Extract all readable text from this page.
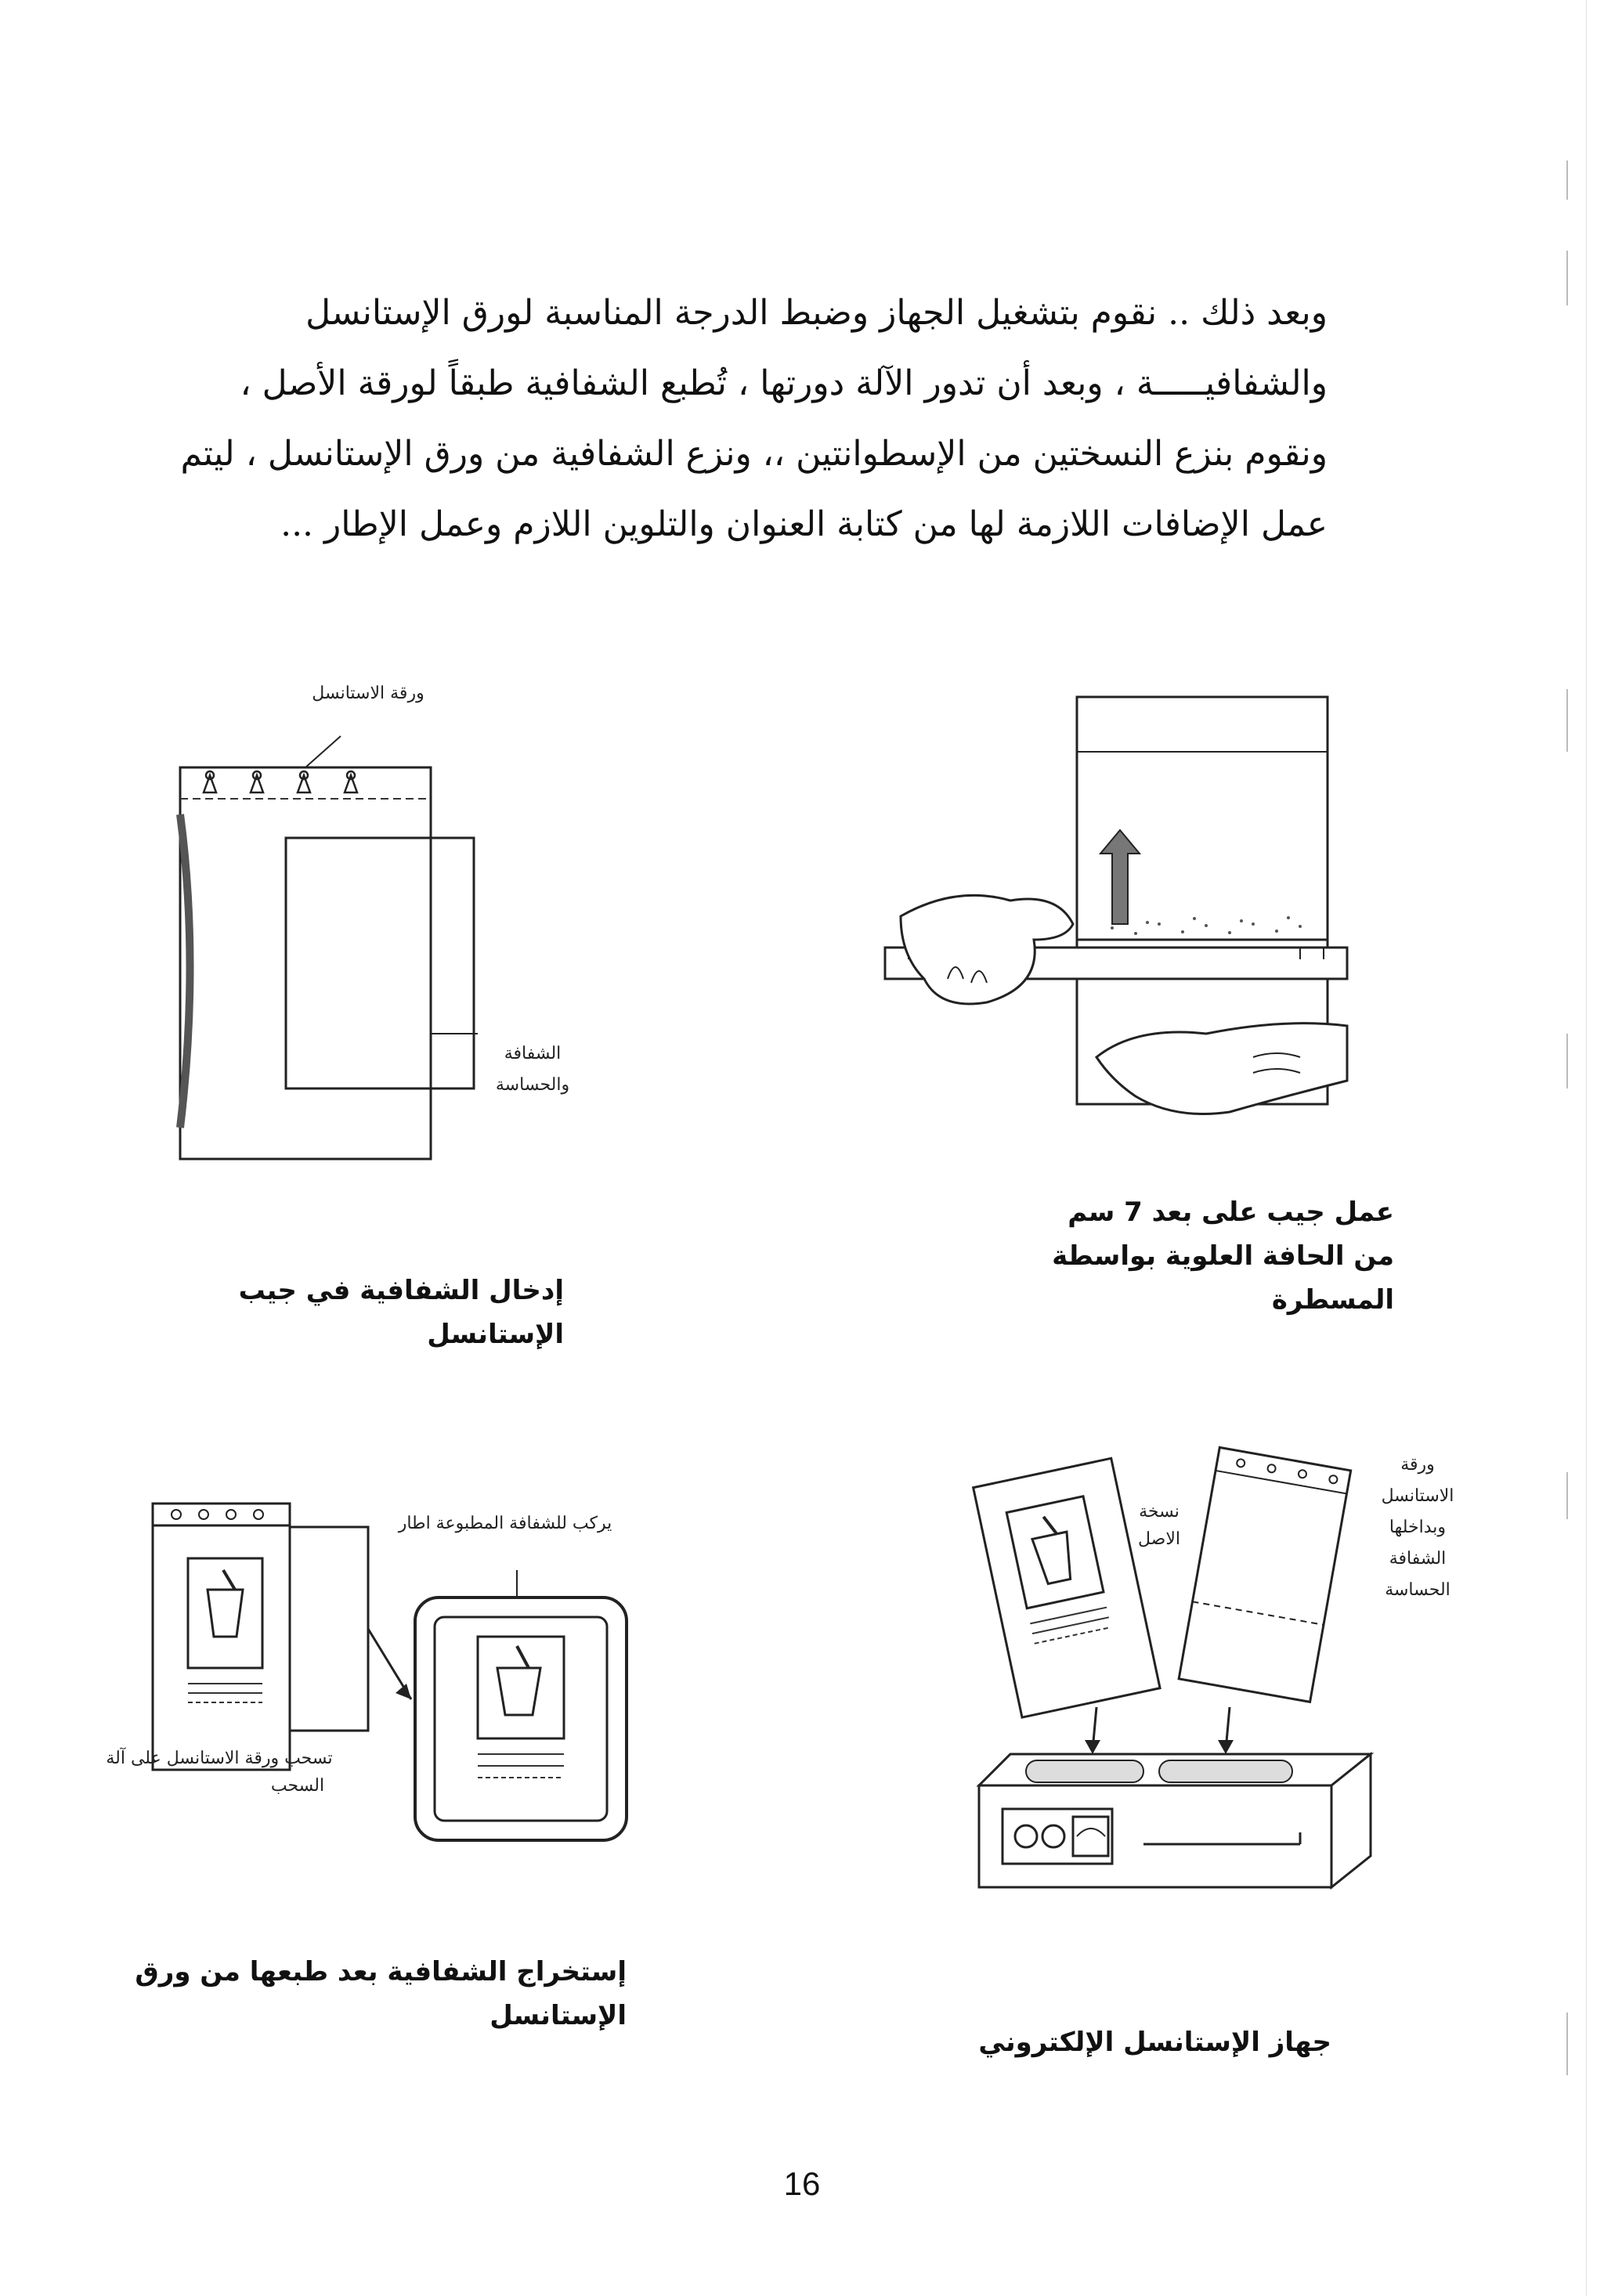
وبعد ذلك .. نقوم بتشغيل الجهاز وضبط الدرجة المناسبة لورق الإستانسل

والشفافيـــــة ، وبعد أن تدور الآلة دورتها ، تُطبع الشفافية طبقاً لورقة الأصل ،

ونقوم بنزع النسختين من الإسطوانتين ،، ونزع الشفافية من ورق الإستانسل ، ليتم

عمل الإضافات اللازمة لها من كتابة العنوان والتلوين اللازم وعمل الإطار ...

ورقة الاستانسل
الشفافة
والحساسة
إدخال الشفافية في جيب الإستانسل
عمل جيب على بعد 7 سم
من الحافة العلوية بواسطة المسطرة
يركب للشفافة المطبوعة اطار
تسحب ورقة الاستانسل على آلة
السحب
إستخراج الشفافية بعد طبعها من ورق الإستانسل
نسخة
الاصل
ورقة
الاستانسل
وبداخلها
الشفافة
الحساسة
جهاز الإستانسل الإلكتروني
16
